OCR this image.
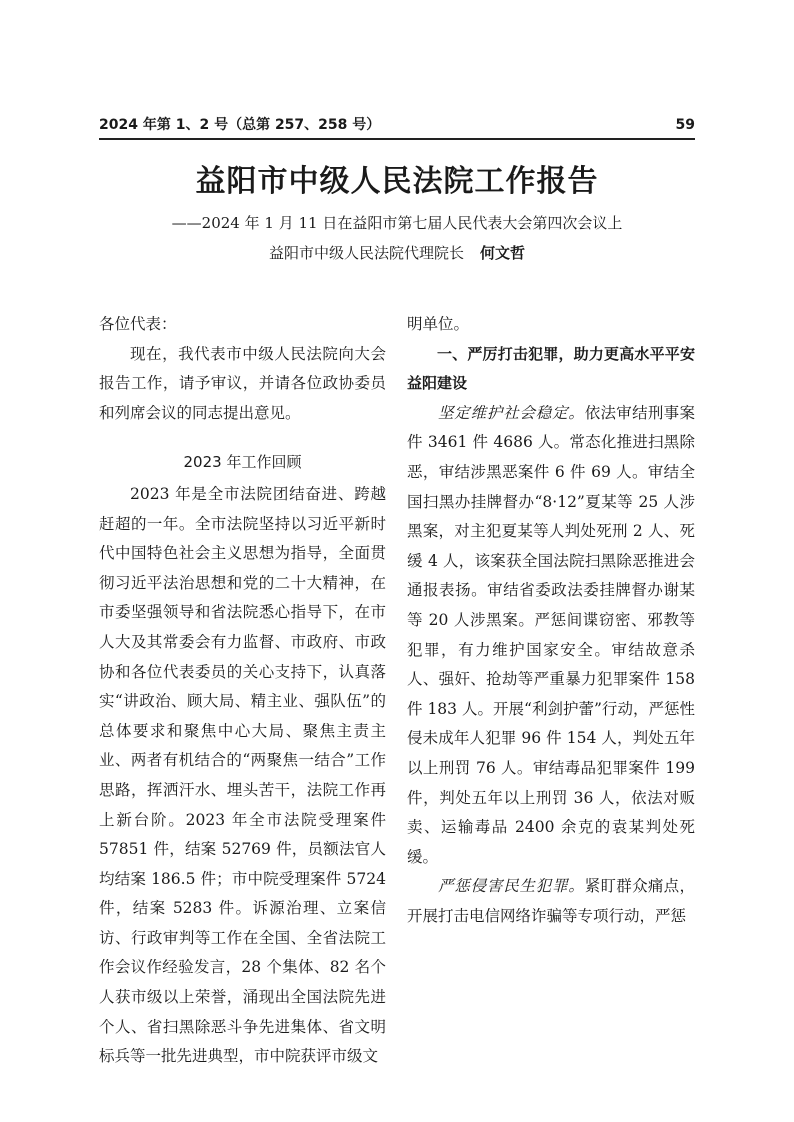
2024 年第 1、2 号（总第 257、258 号）	59
益阳市中级人民法院工作报告
——2024 年 1 月 11 日在益阳市第七届人民代表大会第四次会议上
益阳市中级人民法院代理院长 何文哲

各位代表：

现在，我代表市中级人民法院向大会报告工作，请予审议，并请各位政协委员和列席会议的同志提出意见。

2023 年工作回顾

2023 年是全市法院团结奋进、跨越赶超的一年。全市法院坚持以习近平新时代中国特色社会主义思想为指导，全面贯彻习近平法治思想和党的二十大精神，在市委坚强领导和省法院悉心指导下，在市人大及其常委会有力监督、市政府、市政协和各位代表委员的关心支持下，认真落实“讲政治、顾大局、精主业、强队伍”的总体要求和聚焦中心大局、聚焦主责主业、两者有机结合的“两聚焦一结合”工作思路，挥洒汗水、埋头苦干，法院工作再上新台阶。2023 年全市法院受理案件 57851 件，结案 52769 件，员额法官人均结案 186.5 件；市中院受理案件 5724 件，结案 5283 件。诉源治理、立案信访、行政审判等工作在全国、全省法院工作会议作经验发言，28 个集体、82 名个人获市级以上荣誉，涌现出全国法院先进个人、省扫黑除恶斗争先进集体、省文明标兵等一批先进典型，市中院获评市级文

明单位。

一、严厉打击犯罪，助力更高水平平安益阳建设

坚定维护社会稳定。依法审结刑事案件 3461 件 4686 人。常态化推进扫黑除恶，审结涉黑恶案件 6 件 69 人。审结全国扫黑办挂牌督办“8·12”夏某等 25 人涉黑案，对主犯夏某等人判处死刑 2 人、死缓 4 人，该案获全国法院扫黑除恶推进会通报表扬。审结省委政法委挂牌督办谢某等 20 人涉黑案。严惩间谍窃密、邪教等犯罪，有力维护国家安全。审结故意杀人、强奸、抢劫等严重暴力犯罪案件 158 件 183 人。开展“利剑护蕾”行动，严惩性侵未成年人犯罪 96 件 154 人，判处五年以上刑罚 76 人。审结毒品犯罪案件 199 件，判处五年以上刑罚 36 人，依法对贩卖、运输毒品 2400 余克的袁某判处死缓。

严惩侵害民生犯罪。紧盯群众痛点，开展打击电信网络诈骗等专项行动，严惩
